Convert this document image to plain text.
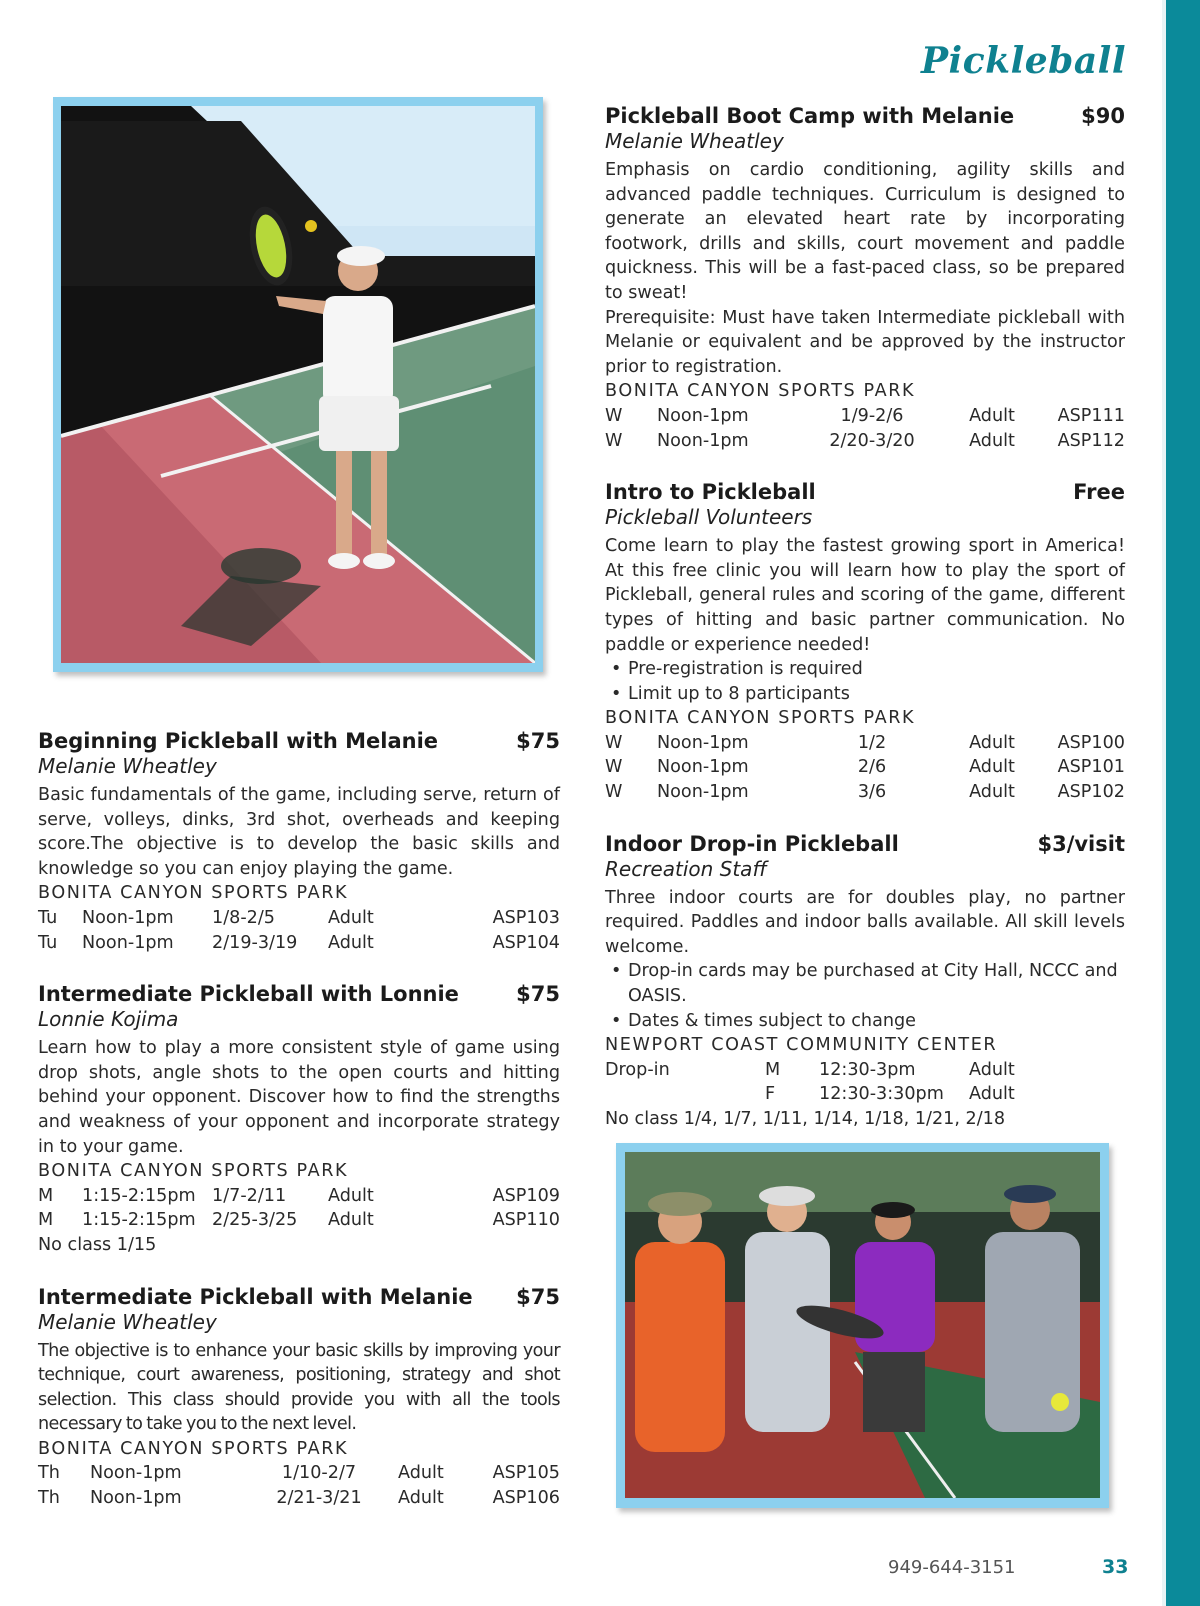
Pickleball
Beginning Pickleball with Melanie	$75
Melanie Wheatley
Basic fundamentals of the game, including serve, return of serve, volleys, dinks, 3rd shot, overheads and keeping score.The objective is to develop the basic skills and knowledge so you can enjoy playing the game.
BONITA CANYON SPORTS PARK
Tu	Noon-1pm	1/8-2/5	Adult	ASP103
Tu	Noon-1pm	2/19-3/19	Adult	ASP104
Intermediate Pickleball with Lonnie	$75
Lonnie Kojima
Learn how to play a more consistent style of game using drop shots, angle shots to the open courts and hitting behind your opponent. Discover how to find the strengths and weakness of your opponent and incorporate strategy in to your game.
BONITA CANYON SPORTS PARK
M	1:15-2:15pm	1/7-2/11	Adult	ASP109
M	1:15-2:15pm	2/25-3/25	Adult	ASP110
No class 1/15
Intermediate Pickleball with Melanie $75
Melanie Wheatley
The objective is to enhance your basic skills by improving your technique, court awareness, positioning, strategy and shot selection. This class should provide you with all the tools necessary to take you to the next level.
BONITA CANYON SPORTS PARK
Th	Noon-1pm	1/10-2/7	Adult	ASP105
Th	Noon-1pm	2/21-3/21	Adult	ASP106
Pickleball Boot Camp with Melanie	$90
Melanie Wheatley
Emphasis on cardio conditioning, agility skills and advanced paddle techniques. Curriculum is designed to generate an elevated heart rate by incorporating footwork, drills and skills, court movement and paddle quickness. This will be a fast-paced class, so be prepared to sweat!
Prerequisite: Must have taken Intermediate pickleball with Melanie or equivalent and be approved by the instructor prior to registration.
BONITA CANYON SPORTS PARK
W	Noon-1pm	1/9-2/6	Adult	ASP111
W	Noon-1pm	2/20-3/20	Adult	ASP112
Intro to Pickleball	Free
Pickleball Volunteers
Come learn to play the fastest growing sport in America! At this free clinic you will learn how to play the sport of Pickleball, general rules and scoring of the game, different types of hitting and basic partner communication. No paddle or experience needed!
• Pre-registration is required
• Limit up to 8 participants
BONITA CANYON SPORTS PARK
W	Noon-1pm	1/2	Adult	ASP100
W	Noon-1pm	2/6	Adult	ASP101
W	Noon-1pm	3/6	Adult	ASP102
Indoor Drop-in Pickleball	$3/visit
Recreation Staff
Three indoor courts are for doubles play, no partner required. Paddles and indoor balls available. All skill levels welcome.
• Drop-in cards may be purchased at City Hall, NCCC and OASIS.
• Dates & times subject to change
NEWPORT COAST COMMUNITY CENTER
Drop-in	M	12:30-3pm	Adult
	F	12:30-3:30pm	Adult
No class 1/4, 1/7, 1/11, 1/14, 1/18, 1/21, 2/18
949-644-3151	33
